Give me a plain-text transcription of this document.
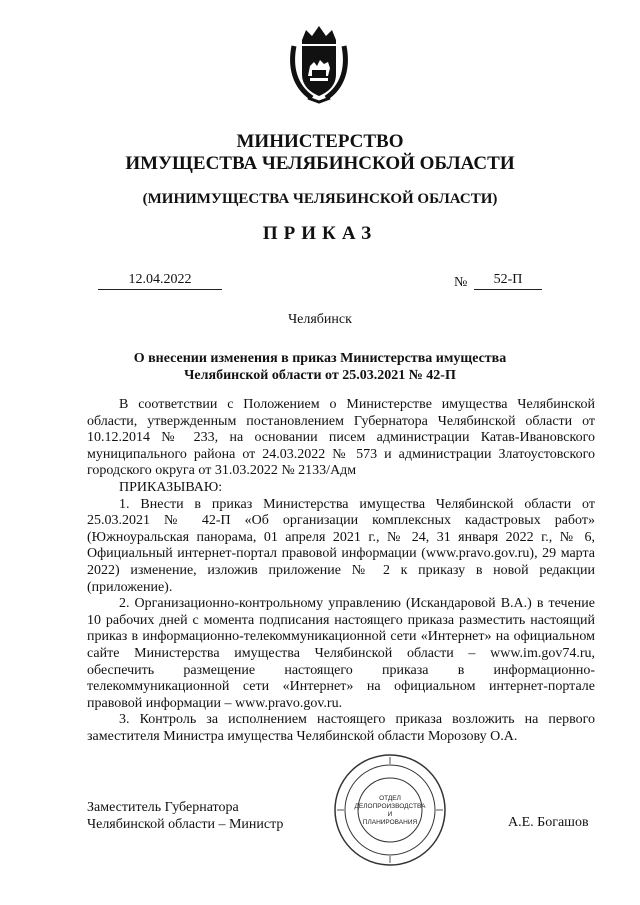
МИНИСТЕРСТВО
ИМУЩЕСТВА ЧЕЛЯБИНСКОЙ ОБЛАСТИ
(МИНИМУЩЕСТВА ЧЕЛЯБИНСКОЙ ОБЛАСТИ)
ПРИКАЗ
12.04.2022	№	52-П
Челябинск
О внесении изменения в приказ Министерства имущества
Челябинской области от 25.03.2021 № 42-П

В соответствии с Положением о Министерстве имущества Челябинской области, утвержденным постановлением Губернатора Челябинской области от 10.12.2014 № 233, на основании писем администрации Катав-Ивановского муниципального района от 24.03.2022 № 573 и администрации Златоустовского городского округа от 31.03.2022 № 2133/Адм

ПРИКАЗЫВАЮ:

1. Внести в приказ Министерства имущества Челябинской области от 25.03.2021 № 42-П «Об организации комплексных кадастровых работ» (Южноуральская панорама, 01 апреля 2021 г., № 24, 31 января 2022 г., № 6, Официальный интернет-портал правовой информации (www.pravo.gov.ru), 29 марта 2022) изменение, изложив приложение № 2 к приказу в новой редакции (приложение).

2. Организационно-контрольному управлению (Искандаровой В.А.) в течение 10 рабочих дней с момента подписания настоящего приказа разместить настоящий приказ в информационно-телекоммуникационной сети «Интернет» на официальном сайте Министерства имущества Челябинской области – www.im.gov74.ru, обеспечить размещение настоящего приказа в информационно-телекоммуникационной сети «Интернет» на официальном интернет-портале правовой информации – www.pravo.gov.ru.

3. Контроль за исполнением настоящего приказа возложить на первого заместителя Министра имущества Челябинской области Морозову О.А.

Заместитель Губернатора
Челябинской области – Министр	А.Е. Богашов
ОТДЕЛ
ДЕЛОПРОИЗВОДСТВА
И
ПЛАНИРОВАНИЯ
